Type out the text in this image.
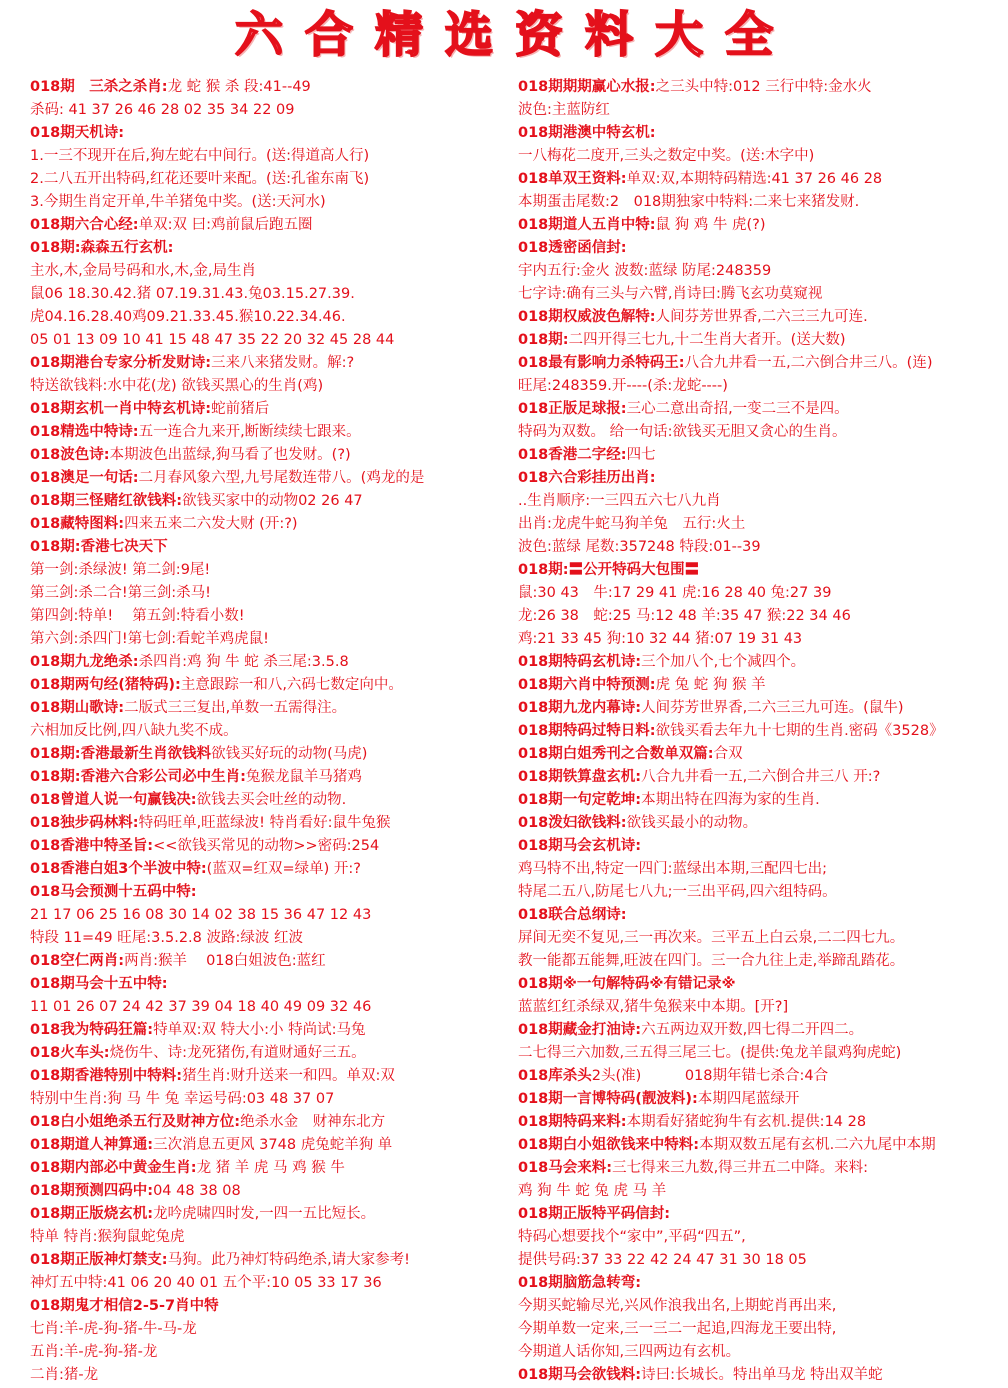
六 合 精 选 资 料 大 全
018期　三杀之杀肖:龙 蛇 猴 杀 段:41--49
杀码: 41 37 26 46 28 02 35 34 22 09
018期天机诗:
1.一三不现开在后,狗左蛇右中间行。(送:得道高人行)
2.二八五开出特码,红花还要叶来配。(送:孔雀东南飞)
3.今期生肖定开单,牛羊猪兔中奖。(送:天河水)
018期六合心经:单双:双 曰:鸡前鼠后跑五圈
018期:森森五行玄机:
主水,木,金局号码和水,木,金,局生肖
鼠06 18.30.42.猪 07.19.31.43.兔03.15.27.39.
虎04.16.28.40鸡09.21.33.45.猴10.22.34.46.
05 01 13 09 10 41 15 48 47 35 22 20 32 45 28 44
018期港台专家分析发财诗:三来八来猪发财。解:?
特送欲钱料:水中花(龙) 欲钱买黑心的生肖(鸡)
018期玄机一肖中特玄机诗:蛇前猪后
018精选中特诗:五一连合九来开,断断续续七跟来。
018波色诗:本期波色出蓝绿,狗马看了也发财。(?)
018澳足一句话:二月春风象六型,九号尾数连带八。(鸡龙的是
018期三怪赌红欲钱料:欲钱买家中的动物02 26 47
018藏特图料:四来五来二六发大财 (开:?)
018期:香港七决天下
第一剑:杀绿波! 第二剑:9尾!
第三剑:杀二合!第三剑:杀马!
第四剑:特单!　 第五剑:特看小数!
第六剑:杀四门!第七剑:看蛇羊鸡虎鼠!
018期九龙绝杀:杀四肖:鸡 狗 牛 蛇 杀三尾:3.5.8
018期两句经(猪特码):主意跟踪一和八,六码七数定向中。
018期山歌诗:二版式三三复出,单数一五需得注。
六相加反比例,四八缺九奖不成。
018期:香港最新生肖欲钱料欲钱买好玩的动物(马虎)
018期:香港六合彩公司必中生肖:兔猴龙鼠羊马猪鸡
018曾道人说一句赢钱决:欲钱去买会吐丝的动物.
018独步码林料:特码旺单,旺蓝绿波! 特肖看好:鼠牛兔猴
018香港中特圣旨:<<欲钱买常见的动物>>密码:254
018香港白姐3个半波中特:(蓝双=红双=绿单) 开:?
018马会预测十五码中特:
21 17 06 25 16 08 30 14 02 38 15 36 47 12 43
特段 11=49 旺尾:3.5.2.8 波路:绿波 红波
018空仁两肖:两肖:猴羊　 018白姐波色:蓝红
018期马会十五中特:
11 01 26 07 24 42 37 39 04 18 40 49 09 32 46
018我为特码狂篇:特单双:双 特大小:小 特尚试:马兔
018火车头:烧伤牛、诗:龙死猪伤,有道财通好三五。
018期香港特别中特料:猪生肖:财升送来一和四。单双:双
特别中生肖:狗 马 牛 兔 幸运号码:03 48 37 07
018白小姐绝杀五行及财神方位:绝杀水金　财神东北方
018期道人神算通:三次消息五更风 3748 虎兔蛇羊狗 单
018期内部必中黄金生肖:龙 猪 羊 虎 马 鸡 猴 牛
018期预测四码中:04 48 38 08
018期正版烧玄机:龙吟虎啸四时发,一四一五比短长。
特单 特肖:猴狗鼠蛇兔虎
018期正版神灯禁支:马狗。此乃神灯特码绝杀,请大家参考!
神灯五中特:41 06 20 40 01 五个平:10 05 33 17 36
018期鬼才相信2-5-7肖中特
七肖:羊-虎-狗-猪-牛-马-龙
五肖:羊-虎-狗-猪-龙
二肖:猪-龙
018期期期赢心水报:之三头中特:012 三行中特:金水火
波色:主蓝防红
018期港澳中特玄机:
一八梅花二度开,三头之数定中奖。(送:木字中)
018单双王资料:单双:双,本期特码精选:41 37 26 46 28
本期蛋击尾数:2　018期独家中特料:二来七来猪发财.
018期道人五肖中特:鼠 狗 鸡 牛 虎(?)
018透密函信封:
宇内五行:金火 波数:蓝绿 防尾:248359
七字诗:确有三头与六臂,肖诗曰:腾飞玄功莫窥视
018期权威波色解特:人间芬芳世界香,二六三三九可连.
018期:二四开得三七九,十二生肖大者开。(送大数)
018最有影响力杀特码王:八合九井看一五,二六倒合井三八。(连)
旺尾:248359.开----(杀:龙蛇----)
018正版足球报:三心二意出奇招,一变二三不是四。
特码为双数。 给一句话:欲钱买无胆又贪心的生肖。
018香港二字经:四七
018六合彩挂历出肖:
..生肖顺序:一三四五六七八九肖
出肖:龙虎牛蛇马狗羊兔　五行:火土
波色:蓝绿 尾数:357248 特段:01--39
018期:〓公开特码大包围〓
鼠:30 43　牛:17 29 41 虎:16 28 40 兔:27 39
龙:26 38　蛇:25 马:12 48 羊:35 47 猴:22 34 46
鸡:21 33 45 狗:10 32 44 猪:07 19 31 43
018期特码玄机诗:三个加八个,七个减四个。
018期六肖中特预测:虎 兔 蛇 狗 猴 羊
018期九龙内幕诗:人间芬芳世界香,二六三三九可连。(鼠牛)
018期特码过特日料:欲钱买看去年九十七期的生肖.密码《3528》
018期白姐秀刊之合数单双篇:合双
018期铁算盘玄机:八合九井看一五,二六倒合井三八 开:?
018期一句定乾坤:本期出特在四海为家的生肖.
018泼妇欲钱料:欲钱买最小的动物。
018期马会玄机诗:
鸡马特不出,特定一四门:蓝绿出本期,三配四七出;
特尾二五八,防尾七八九;一三出平码,四六组特码。
018联合总纲诗:
屏间无奕不复见,三一再次来。三平五上白云泉,二二四七九。
教一能都五能舞,旺波在四门。三一合九往上走,举蹄乱踏花。
018期※一句解特码※有错记录※
蓝蓝红红杀绿双,猪牛兔猴来中本期。[开?]
018期藏金打油诗:六五两边双开数,四七得二开四二。
二七得三六加数,三五得三尾三七。(提供:兔龙羊鼠鸡狗虎蛇)
018库杀头2头(准)　　　018期年错七杀合:4合
018期一言博特码(靓波料):本期四尾蓝绿开
018期特码来料:本期看好猪蛇狗牛有玄机.提供:14 28
018期白小姐欲钱来中特料:本期双数五尾有玄机.二六九尾中本期
018马会来料:三七得来三九数,得三井五二中降。来料:
鸡 狗 牛 蛇 兔 虎 马 羊
018期正版特平码信封:
特码心想要找个“家中”,平码“四五”,
提供号码:37 33 22 42 24 47 31 30 18 05
018期脑筋急转弯:
今期买蛇输尽光,兴风作浪我出名,上期蛇肖再出来,
今期单数一定来,三一三二一起追,四海龙王要出特,
今期道人话你知,三四两边有玄机。
018期马会欲钱料:诗曰:长城长。特出单马龙 特出双羊蛇
